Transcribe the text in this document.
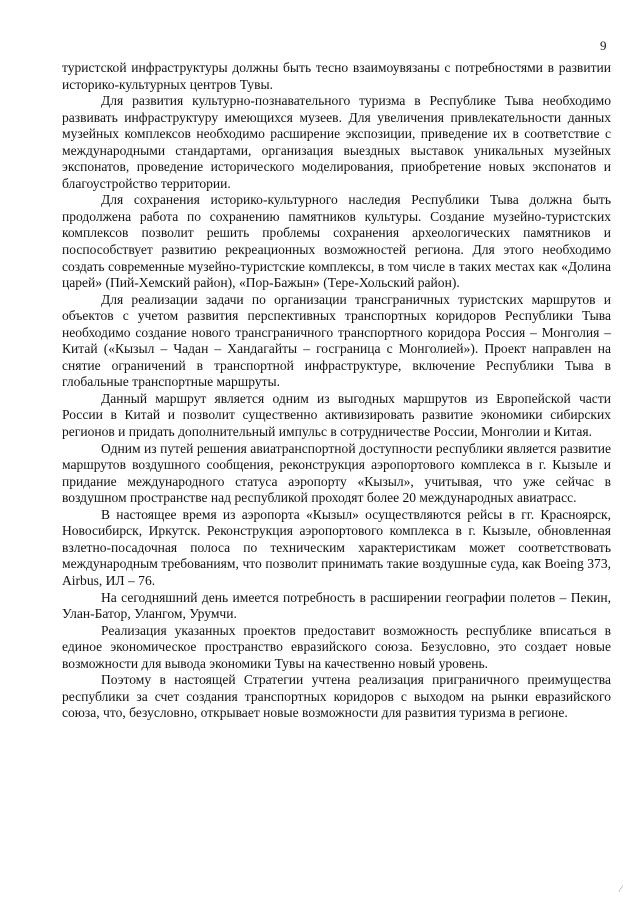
9

туристской инфраструктуры должны быть тесно взаимоувязаны с потребностями в развитии историко-культурных центров Тувы.

Для развития культурно-познавательного туризма в Республике Тыва необходимо развивать инфраструктуру имеющихся музеев. Для увеличения привлекательности данных музейных комплексов необходимо расширение экспозиции, приведение их в соответствие с международными стандартами, организация выездных выставок уникальных музейных экспонатов, проведение исторического моделирования, приобретение новых экспонатов и благоустройство территории.

Для сохранения историко-культурного наследия Республики Тыва должна быть продолжена работа по сохранению памятников культуры. Создание музейно-туристских комплексов позволит решить проблемы сохранения археологических памятников и поспособствует развитию рекреационных возможностей региона. Для этого необходимо создать современные музейно-туристские комплексы, в том числе в таких местах как «Долина царей» (Пий-Хемский район), «Пор-Бажын» (Тере-Хольский район).

Для реализации задачи по организации трансграничных туристских маршрутов и объектов с учетом развития перспективных транспортных коридоров Республики Тыва необходимо создание нового трансграничного транспортного коридора Россия – Монголия – Китай («Кызыл – Чадан – Хандагайты – госграница с Монголией»). Проект направлен на снятие ограничений в транспортной инфраструктуре, включение Республики Тыва в глобальные транспортные маршруты.

Данный маршрут является одним из выгодных маршрутов из Европейской части России в Китай и позволит существенно активизировать развитие экономики сибирских регионов и придать дополнительный импульс в сотрудничестве России, Монголии и Китая.

Одним из путей решения авиатранспортной доступности республики является развитие маршрутов воздушного сообщения, реконструкция аэропортового комплекса в г. Кызыле и придание международного статуса аэропорту «Кызыл», учитывая, что уже сейчас в воздушном пространстве над республикой проходят более 20 международных авиатрасс.

В настоящее время из аэропорта «Кызыл» осуществляются рейсы в гг. Красноярск, Новосибирск, Иркутск. Реконструкция аэропортового комплекса в г. Кызыле, обновленная взлетно-посадочная полоса по техническим характеристикам может соответствовать международным требованиям, что позволит принимать такие воздушные суда, как Boeing 373, Airbus, ИЛ – 76.

На сегодняшний день имеется потребность в расширении географии полетов – Пекин, Улан-Батор, Улангом, Урумчи.

Реализация указанных проектов предоставит возможность республике вписаться в единое экономическое пространство евразийского союза. Безусловно, это создает новые возможности для вывода экономики Тувы на качественно новый уровень.

Поэтому в настоящей Стратегии учтена реализация приграничного преимущества республики за счет создания транспортных коридоров с выходом на рынки евразийского союза, что, безусловно, открывает новые возможности для развития туризма в регионе.

⁄
